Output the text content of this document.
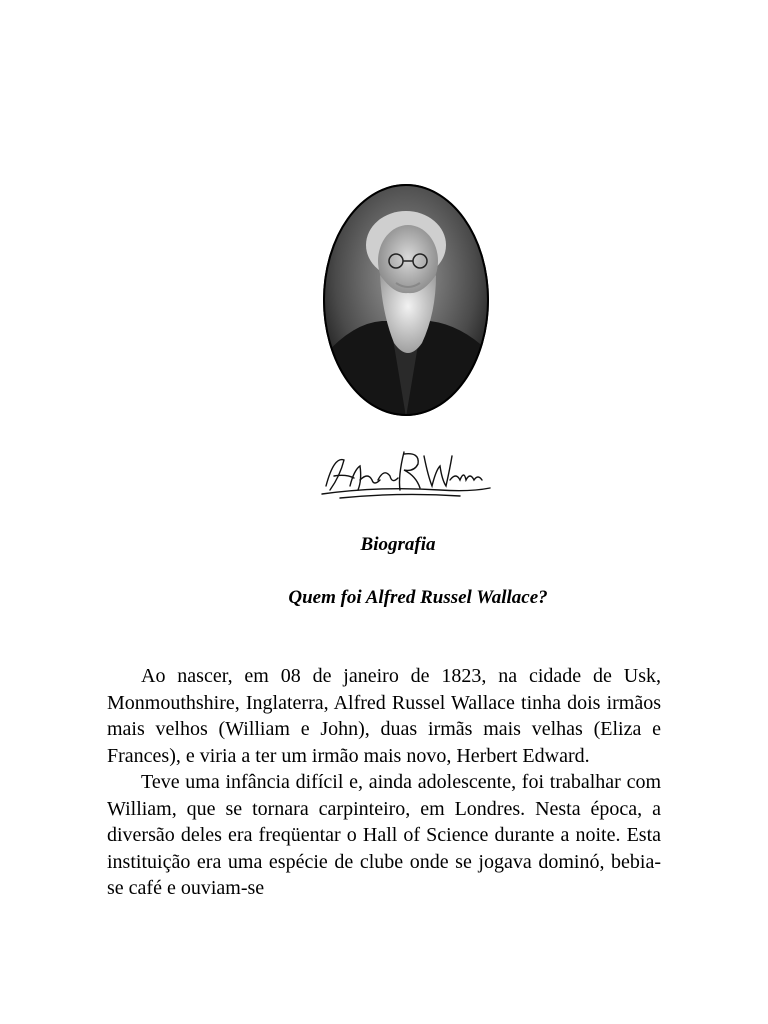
Biografia
Quem foi Alfred Russel Wallace?

Ao nascer, em 08 de janeiro de 1823, na cidade de Usk, Monmouthshire, Inglaterra, Alfred Russel Wallace tinha dois irmãos mais velhos (William e John), duas irmãs mais velhas (Eliza e Frances), e viria a ter um irmão mais novo, Herbert Edward.

Teve uma infância difícil e, ainda adolescente, foi trabalhar com William, que se tornara carpinteiro, em Londres. Nesta época, a diversão deles era freqüentar o Hall of Science durante a noite. Esta instituição era uma espécie de clube onde se jogava dominó, bebia-se café e ouviam-se
